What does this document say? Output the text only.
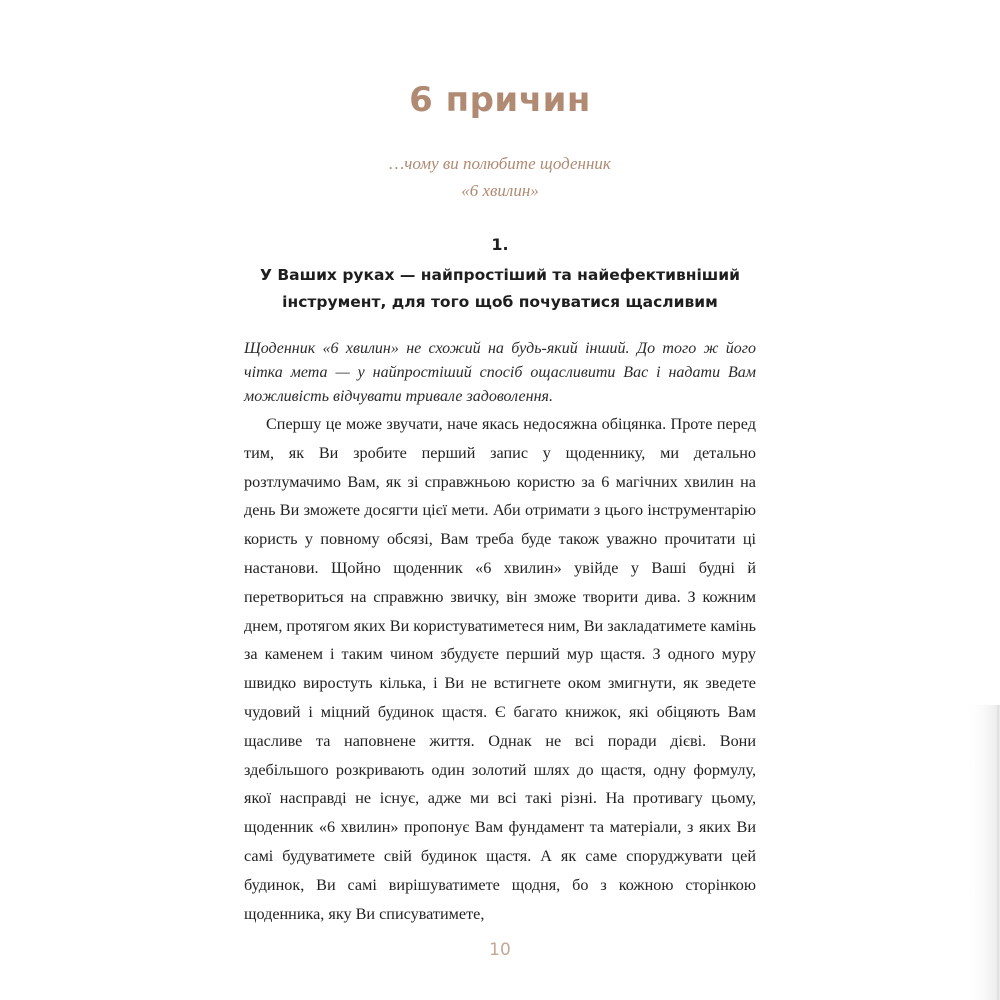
6 причин
…чому ви полюбите щоденник
«6 хвилин»
1.
У Ваших руках — найпростіший та найефективніший
інструмент, для того щоб почуватися щасливим

Щоденник «6 хвилин» не схожий на будь-який інший. До того ж його чітка мета — у найпростіший спосіб ощасливити Вас і надати Вам можливість відчувати тривале задоволення.

Спершу це може звучати, наче якась недосяжна обіцянка. Проте перед тим, як Ви зробите перший запис у щоденнику, ми детально розтлумачимо Вам, як зі справжньою користю за 6 магічних хвилин на день Ви зможете досягти цієї мети. Аби отримати з цього інструментарію користь у повному обсязі, Вам треба буде також уважно прочитати ці настанови. Щойно щоденник «6 хвилин» увійде у Ваші будні й перетвориться на справжню звичку, він зможе творити дива. З кожним днем, протягом яких Ви користуватиметеся ним, Ви закладатимете камінь за каменем і таким чином збудуєте перший мур щастя. З одного муру швидко виростуть кілька, і Ви не встигнете оком змигнути, як зведете чудовий і міцний будинок щастя. Є багато книжок, які обіцяють Вам щасливе та наповнене життя. Однак не всі поради дієві. Вони здебільшого розкривають один золотий шлях до щастя, одну формулу, якої насправді не існує, адже ми всі такі різні. На противагу цьому, щоденник «6 хвилин» пропонує Вам фундамент та матеріали, з яких Ви самі будуватимете свій будинок щастя. А як саме споруджувати цей будинок, Ви самі вирішуватимете щодня, бо з кожною сторінкою щоденника, яку Ви списуватимете,

10
